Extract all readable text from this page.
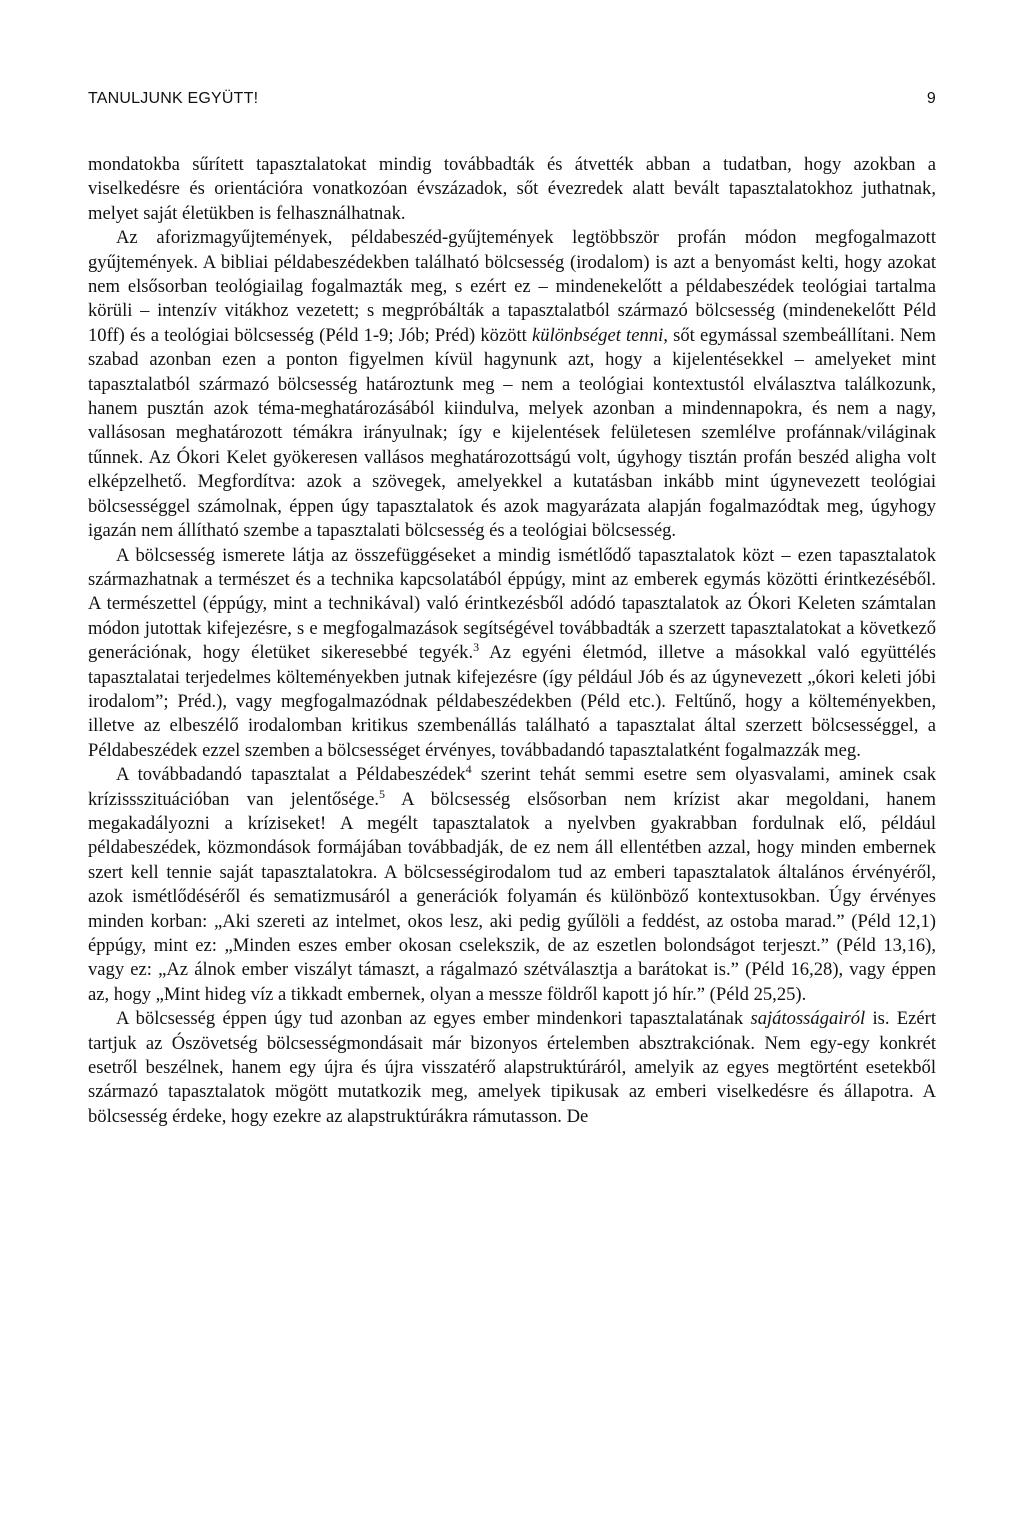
TANULJUNK EGYÜTT!	9

mondatokba sűrített tapasztalatokat mindig továbbadták és átvették abban a tudatban, hogy azokban a viselkedésre és orientációra vonatkozóan évszázadok, sőt évezredek alatt bevált tapasztalatokhoz juthatnak, melyet saját életükben is felhasználhatnak.

Az aforizmagyűjtemények, példabeszéd-gyűjtemények legtöbbször profán módon megfogalmazott gyűjtemények. A bibliai példabeszédekben található bölcsesség (irodalom) is azt a benyomást kelti, hogy azokat nem elsősorban teológiailag fogalmazták meg, s ezért ez – mindenekelőtt a példabeszédek teológiai tartalma körüli – intenzív vitákhoz vezetett; s megpróbálták a tapasztalatból származó bölcsesség (mindenekelőtt Péld 10ff) és a teológiai bölcsesség (Péld 1-9; Jób; Préd) között különbséget tenni, sőt egymással szembeállítani. Nem szabad azonban ezen a ponton figyelmen kívül hagynunk azt, hogy a kijelentésekkel – amelyeket mint tapasztalatból származó bölcsesség határoztunk meg – nem a teológiai kontextustól elválasztva találkozunk, hanem pusztán azok téma-meghatározásából kiindulva, melyek azonban a mindennapokra, és nem a nagy, vallásosan meghatározott témákra irányulnak; így e kijelentések felületesen szemlélve profánnak/világinak tűnnek. Az Ókori Kelet gyökeresen vallásos meghatározottságú volt, úgyhogy tisztán profán beszéd aligha volt elképzelhető. Megfordítva: azok a szövegek, amelyekkel a kutatásban inkább mint úgynevezett teológiai bölcsességgel számolnak, éppen úgy tapasztalatok és azok magyarázata alapján fogalmazódtak meg, úgyhogy igazán nem állítható szembe a tapasztalati bölcsesség és a teológiai bölcsesség.

A bölcsesség ismerete látja az összefüggéseket a mindig ismétlődő tapasztalatok közt – ezen tapasztalatok származhatnak a természet és a technika kapcsolatából éppúgy, mint az emberek egymás közötti érintkezéséből. A természettel (éppúgy, mint a technikával) való érintkezésből adódó tapasztalatok az Ókori Keleten számtalan módon jutottak kifejezésre, s e megfogalmazások segítségével továbbadták a szerzett tapasztalatokat a következő generációnak, hogy életüket sikeresebbé tegyék.$^3$ Az egyéni életmód, illetve a másokkal való együttélés tapasztalatai terjedelmes költeményekben jutnak kifejezésre (így például Jób és az úgynevezett „ókori keleti jóbi irodalom”; Préd.), vagy megfogalmazódnak példabeszédekben (Péld etc.). Feltűnő, hogy a költeményekben, illetve az elbeszélő irodalomban kritikus szembenállás található a tapasztalat által szerzett bölcsességgel, a Példabeszédek ezzel szemben a bölcsességet érvényes, továbbadandó tapasztalatként fogalmazzák meg.

A továbbadandó tapasztalat a Példabeszédek$^4$ szerint tehát semmi esetre sem olyasvalami, aminek csak krízissszituációban van jelentősége.$^5$ A bölcsesség elsősorban nem krízist akar megoldani, hanem megakadályozni a kríziseket! A megélt tapasztalatok a nyelvben gyakrabban fordulnak elő, például példabeszédek, közmondások formájában továbbadják, de ez nem áll ellentétben azzal, hogy minden embernek szert kell tennie saját tapasztalatokra. A bölcsességirodalom tud az emberi tapasztalatok általános érvényéről, azok ismétlődéséről és sematizmusáról a generációk folyamán és különböző kontextusokban. Úgy érvényes minden korban: „Aki szereti az intelmet, okos lesz, aki pedig gyűlöli a feddést, az ostoba marad.” (Péld 12,1) éppúgy, mint ez: „Minden eszes ember okosan cselekszik, de az eszetlen bolondságot terjeszt.” (Péld 13,16), vagy ez: „Az álnok ember viszályt támaszt, a rágalmazó szétválasztja a barátokat is.” (Péld 16,28), vagy éppen az, hogy „Mint hideg víz a tikkadt embernek, olyan a messze földről kapott jó hír.” (Péld 25,25).

A bölcsesség éppen úgy tud azonban az egyes ember mindenkori tapasztalatának sajátosságairól is. Ezért tartjuk az Ószövetség bölcsességmondásait már bizonyos értelemben absztrakciónak. Nem egy-egy konkrét esetről beszélnek, hanem egy újra és újra visszatérő alapstruktúráról, amelyik az egyes megtörtént esetekből származó tapasztalatok mögött mutatkozik meg, amelyek tipikusak az emberi viselkedésre és állapotra. A bölcsesség érdeke, hogy ezekre az alapstruktúrákra rámutasson. De
